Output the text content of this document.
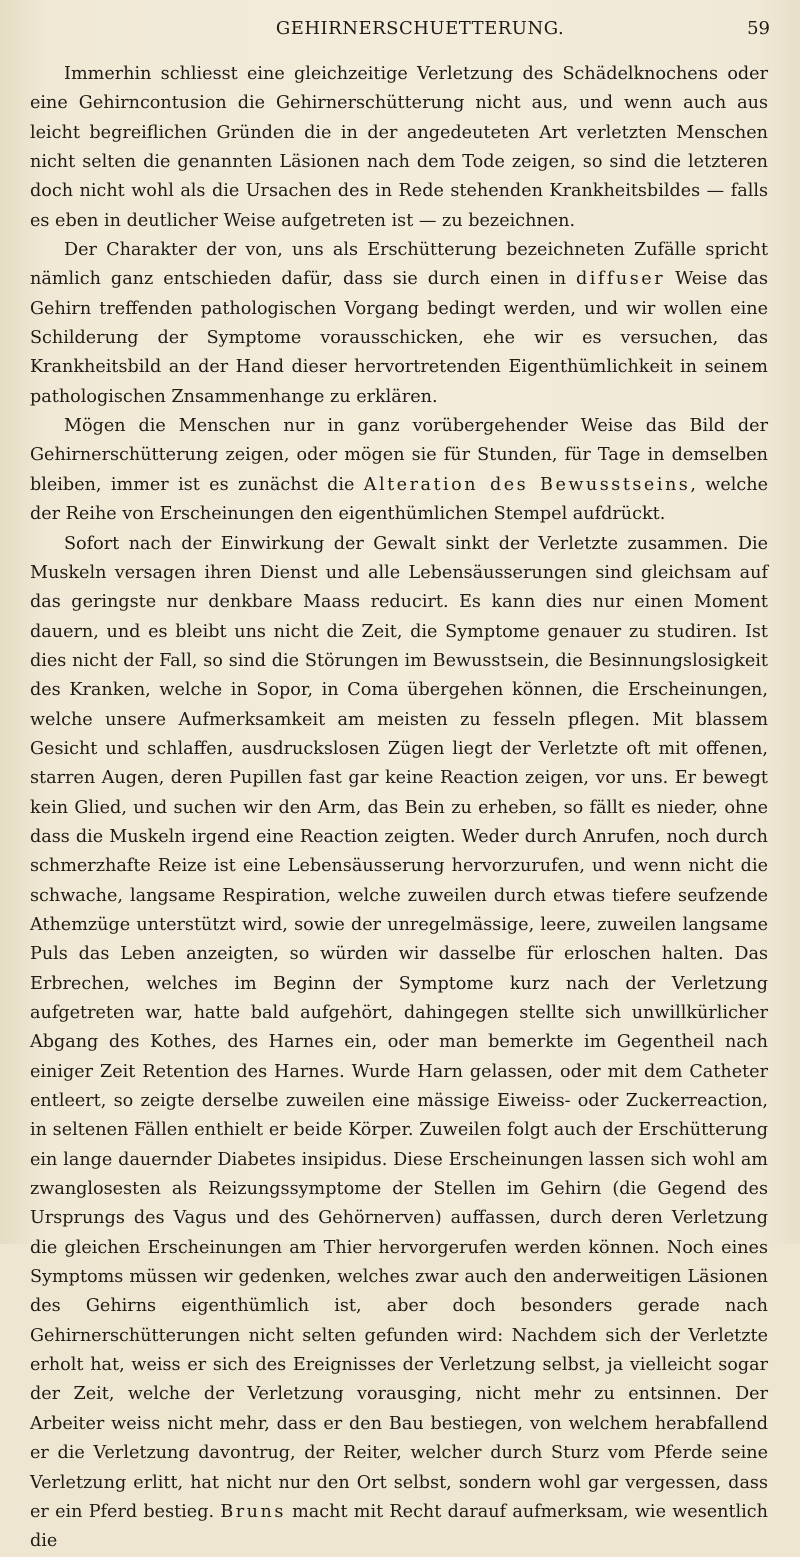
GEHIRNERSCHUETTERUNG.	59

Immerhin schliesst eine gleichzeitige Verletzung des Schädelknochens oder eine Gehirncontusion die Gehirnerschütterung nicht aus, und wenn auch aus leicht begreiflichen Gründen die in der angedeuteten Art verletzten Menschen nicht selten die genannten Läsionen nach dem Tode zeigen, so sind die letzteren doch nicht wohl als die Ursachen des in Rede stehenden Krankheitsbildes — falls es eben in deutlicher Weise aufgetreten ist — zu bezeichnen.

Der Charakter der von, uns als Erschütterung bezeichneten Zufälle spricht nämlich ganz entschieden dafür, dass sie durch einen in diffuser Weise das Gehirn treffenden pathologischen Vorgang bedingt werden, und wir wollen eine Schilderung der Symptome vorausschicken, ehe wir es versuchen, das Krankheitsbild an der Hand dieser hervortretenden Eigenthümlichkeit in seinem pathologischen Znsammenhange zu erklären.

Mögen die Menschen nur in ganz vorübergehender Weise das Bild der Gehirnerschütterung zeigen, oder mögen sie für Stunden, für Tage in demselben bleiben, immer ist es zunächst die Alteration des Bewusstseins, welche der Reihe von Erscheinungen den eigenthümlichen Stempel aufdrückt.

Sofort nach der Einwirkung der Gewalt sinkt der Verletzte zusammen. Die Muskeln versagen ihren Dienst und alle Lebensäusserungen sind gleichsam auf das geringste nur denkbare Maass reducirt. Es kann dies nur einen Moment dauern, und es bleibt uns nicht die Zeit, die Symptome genauer zu studiren. Ist dies nicht der Fall, so sind die Störungen im Bewusstsein, die Besinnungslosigkeit des Kranken, welche in Sopor, in Coma übergehen können, die Erscheinungen, welche unsere Aufmerksamkeit am meisten zu fesseln pflegen. Mit blassem Gesicht und schlaffen, ausdruckslosen Zügen liegt der Verletzte oft mit offenen, starren Augen, deren Pupillen fast gar keine Reaction zeigen, vor uns. Er bewegt kein Glied, und suchen wir den Arm, das Bein zu erheben, so fällt es nieder, ohne dass die Muskeln irgend eine Reaction zeigten. Weder durch Anrufen, noch durch schmerzhafte Reize ist eine Lebensäusserung hervorzurufen, und wenn nicht die schwache, langsame Respiration, welche zuweilen durch etwas tiefere seufzende Athemzüge unterstützt wird, sowie der unregelmässige, leere, zuweilen langsame Puls das Leben anzeigten, so würden wir dasselbe für erloschen halten. Das Erbrechen, welches im Beginn der Symptome kurz nach der Verletzung aufgetreten war, hatte bald aufgehört, dahingegen stellte sich unwillkürlicher Abgang des Kothes, des Harnes ein, oder man bemerkte im Gegentheil nach einiger Zeit Retention des Harnes. Wurde Harn gelassen, oder mit dem Catheter entleert, so zeigte derselbe zuweilen eine mässige Eiweiss- oder Zuckerreaction, in seltenen Fällen enthielt er beide Körper. Zuweilen folgt auch der Erschütterung ein lange dauernder Diabetes insipidus. Diese Erscheinungen lassen sich wohl am zwanglosesten als Reizungssymptome der Stellen im Gehirn (die Gegend des Ursprungs des Vagus und des Gehörnerven) auffassen, durch deren Verletzung die gleichen Erscheinungen am Thier hervorgerufen werden können. Noch eines Symptoms müssen wir gedenken, welches zwar auch den anderweitigen Läsionen des Gehirns eigenthümlich ist, aber doch besonders gerade nach Gehirnerschütterungen nicht selten gefunden wird: Nachdem sich der Verletzte erholt hat, weiss er sich des Ereignisses der Verletzung selbst, ja vielleicht sogar der Zeit, welche der Verletzung vorausging, nicht mehr zu entsinnen. Der Arbeiter weiss nicht mehr, dass er den Bau bestiegen, von welchem herabfallend er die Verletzung davontrug, der Reiter, welcher durch Sturz vom Pferde seine Verletzung erlitt, hat nicht nur den Ort selbst, sondern wohl gar vergessen, dass er ein Pferd bestieg. Bruns macht mit Recht darauf aufmerksam, wie wesentlich die
